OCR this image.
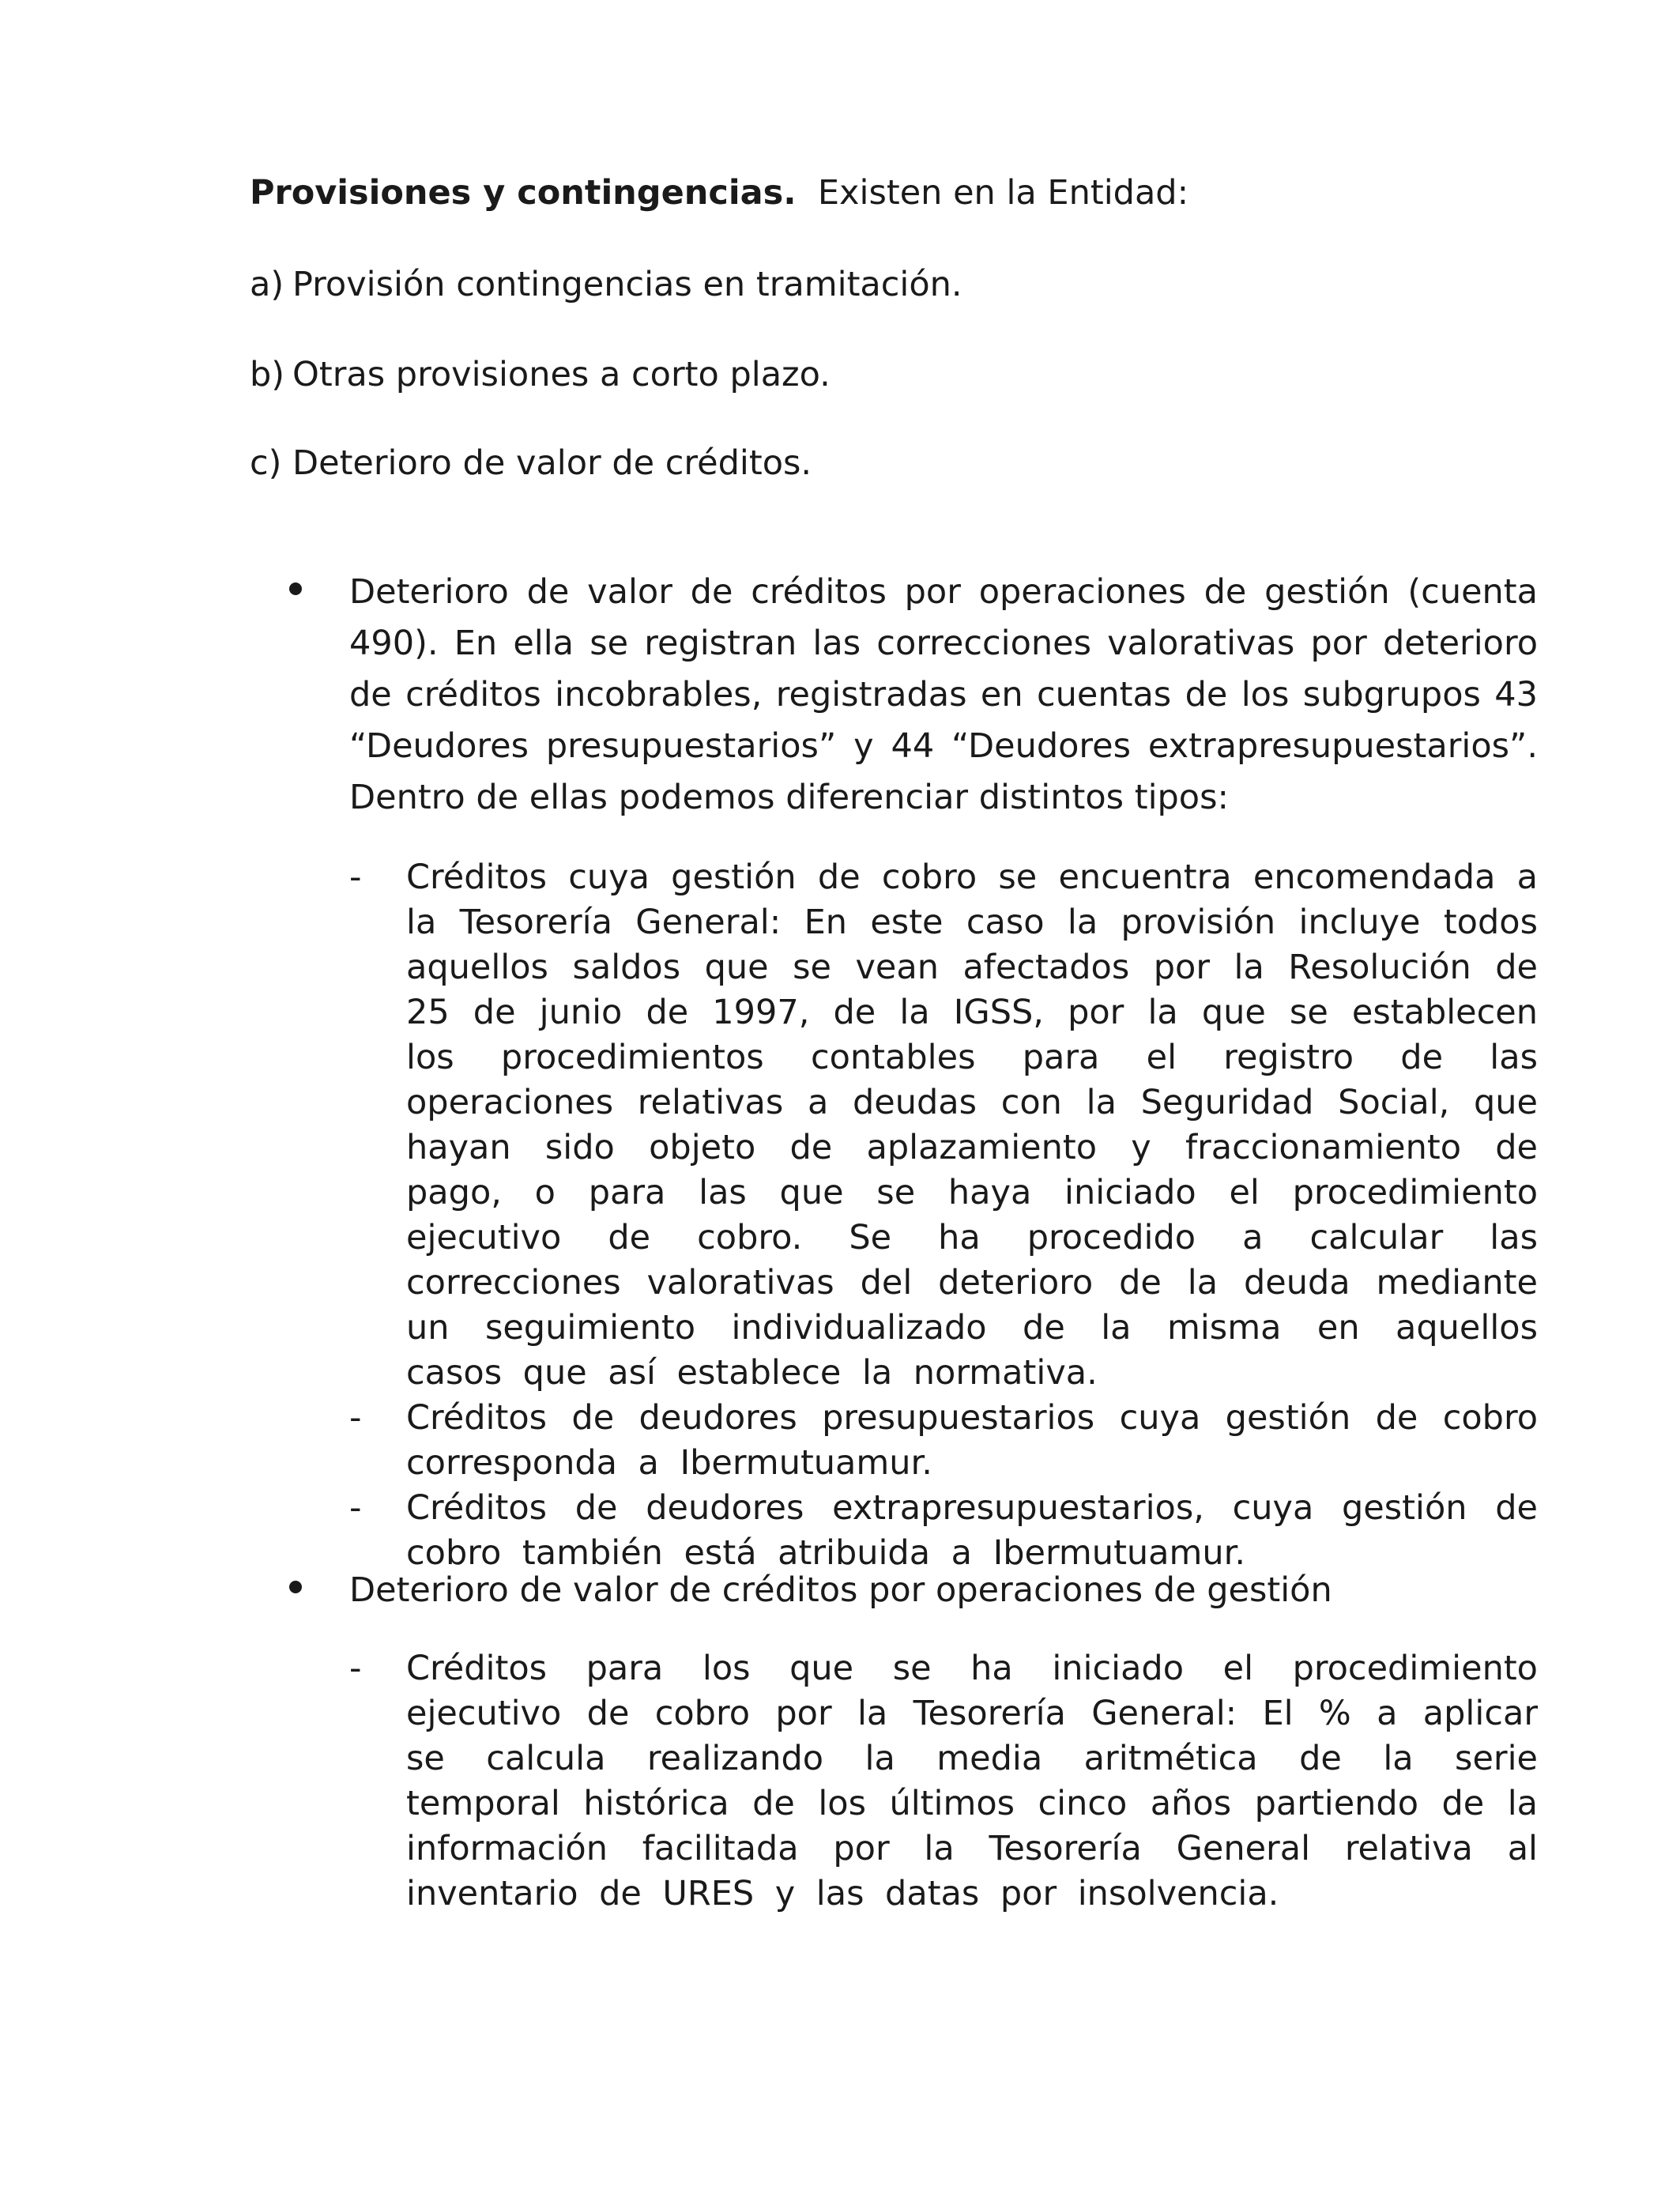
Provisiones y contingencias. Existen en la Entidad:
a) Provisión contingencias en tramitación.
b) Otras provisiones a corto plazo.
c) Deterioro de valor de créditos.
Deterioro de valor de créditos por operaciones de gestión (cuenta 490). En ella se registran las correcciones valorativas por deterioro de créditos incobrables, registradas en cuentas de los subgrupos 43 “Deudores presupuestarios” y 44 “Deudores extrapresupuestarios”. Dentro de ellas podemos diferenciar distintos tipos:
- Créditos cuya gestión de cobro se encuentra encomendada a la Tesorería General: En este caso la provisión incluye todos aquellos saldos que se vean afectados por la Resolución de 25 de junio de 1997, de la IGSS, por la que se establecen los procedimientos contables para el registro de las operaciones relativas a deudas con la Seguridad Social, que hayan sido objeto de aplazamiento y fraccionamiento de pago, o para las que se haya iniciado el procedimiento ejecutivo de cobro. Se ha procedido a calcular las correcciones valorativas del deterioro de la deuda mediante un seguimiento individualizado de la misma en aquellos casos que así establece la normativa.
- Créditos de deudores presupuestarios cuya gestión de cobro corresponda a Ibermutuamur.
- Créditos de deudores extrapresupuestarios, cuya gestión de cobro también está atribuida a Ibermutuamur.
Deterioro de valor de créditos por operaciones de gestión
- Créditos para los que se ha iniciado el procedimiento ejecutivo de cobro por la Tesorería General: El % a aplicar se calcula realizando la media aritmética de la serie temporal histórica de los últimos cinco años partiendo de la información facilitada por la Tesorería General relativa al inventario de URES y las datas por insolvencia.
